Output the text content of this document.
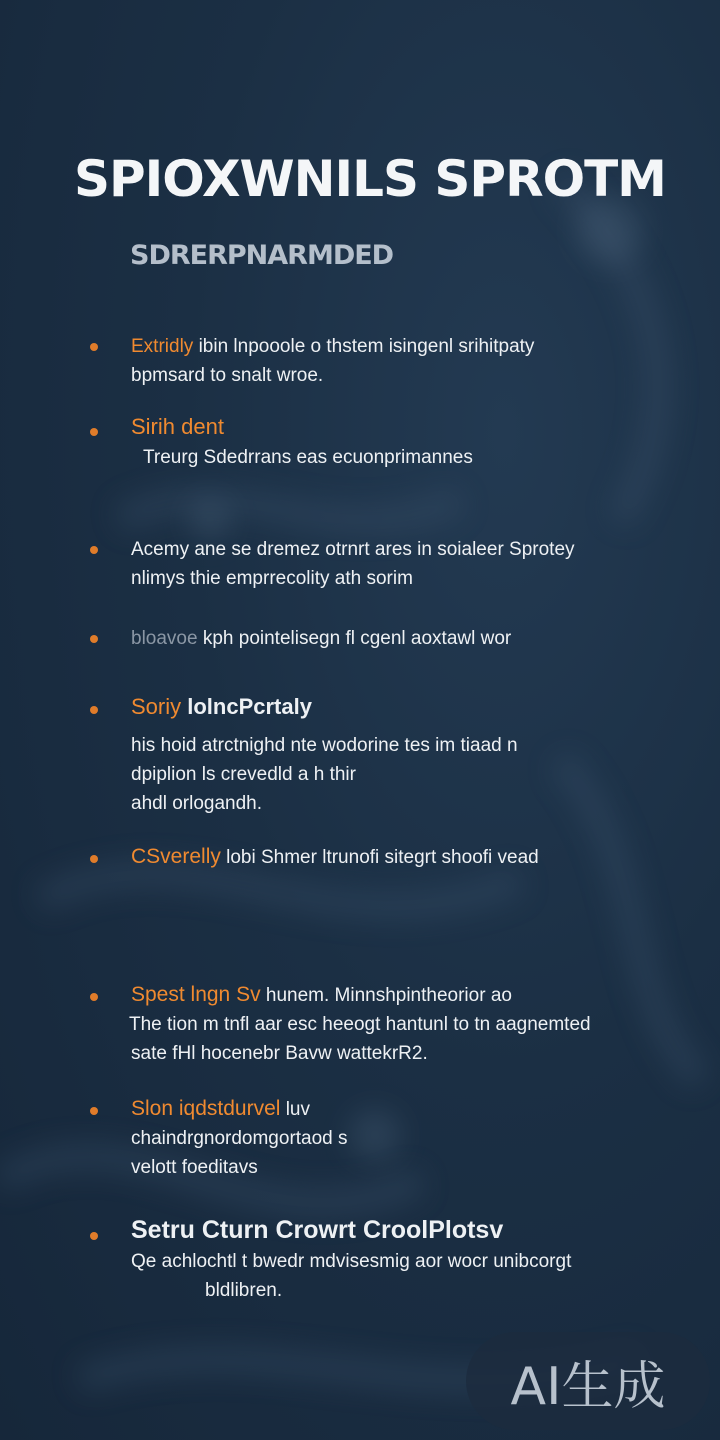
SPIOXWNILS SPROTM
SDRERPNARMDED
Extridly ibin lnpooole o thstem isingenl srihitpaty
bpmsard to snalt wroe.
Sirih dent
Treurg Sdedrrans eas ecuonprimannes
Acemy ane se dremez otrnrt ares in soialeer Sprotey
nlimys thie emprrecolity ath sorim
bloavoe kph pointelisegn fl cgenl aoxtawl wor
Soriy lolncPcrtaly
his hoid atrctnighd nte wodorine tes im tiaad n
dpiplion ls crevedld a h thir
ahdl orlogandh.
CSverelly lobi Shmer ltrunofi sitegrt shoofi vead
Spest lngn Sv hunem. Minnshpintheorior ao
The tion m tnfl aar esc heeogt hantunl to tn aagnemted
sate fHl hocenebr Bavw wattekrR2.
Slon iqdstdurvel luv
chaindrgnordomgortaod s
velott foeditavs
Setru Cturn Crowrt CroolPlotsv
Qe achlochtl t bwedr mdvisesmig aor wocr unibcorgt
bldlibren.
AI生成
